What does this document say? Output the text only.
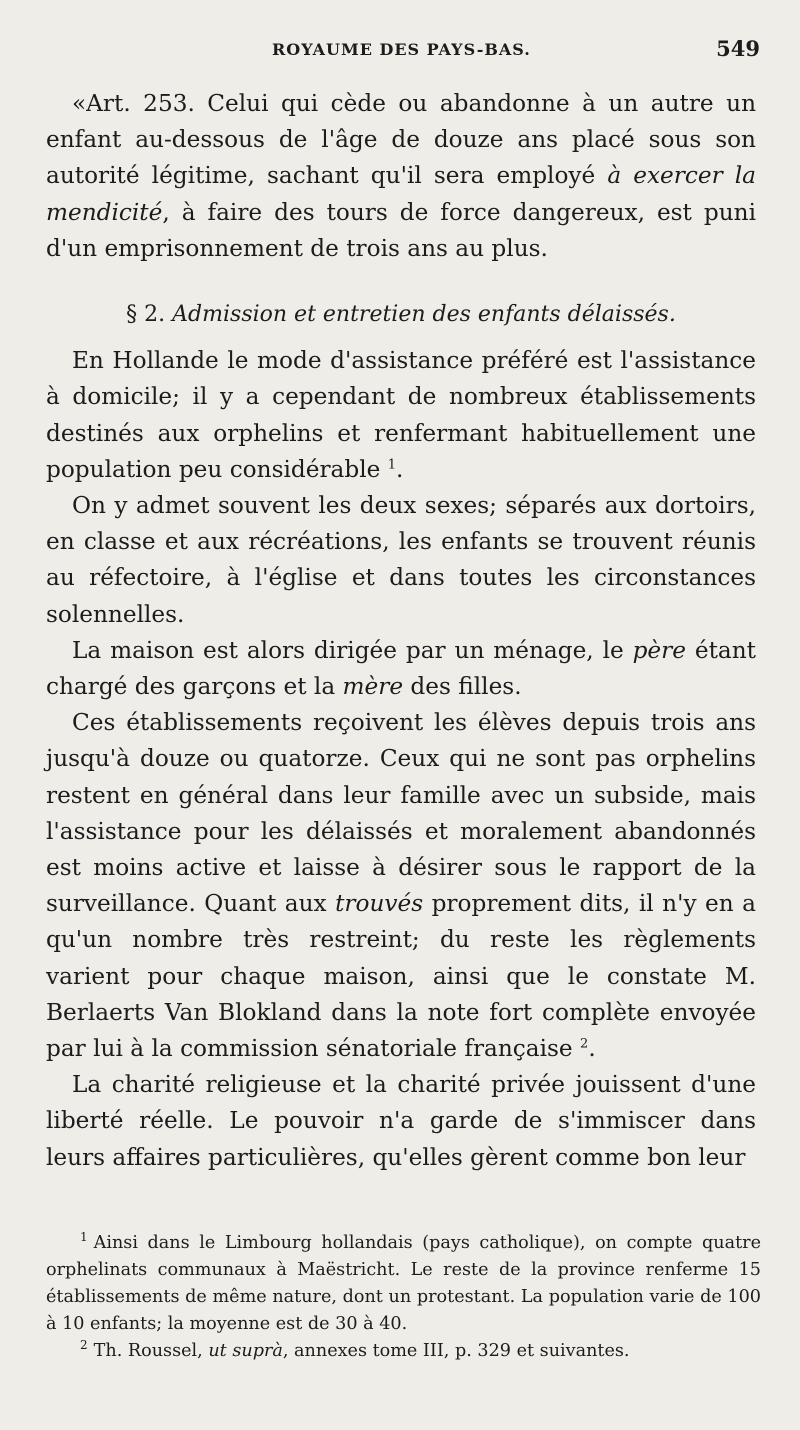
ROYAUME DES PAYS-BAS.	549

«Art. 253. Celui qui cède ou abandonne à un autre un enfant au-dessous de l'âge de douze ans placé sous son autorité légitime, sachant qu'il sera employé à exercer la mendicité, à faire des tours de force dangereux, est puni d'un emprisonnement de trois ans au plus.

§ 2. Admission et entretien des enfants délaissés.

En Hollande le mode d'assistance préféré est l'assistance à domicile; il y a cependant de nombreux établissements destinés aux orphelins et renfermant habituellement une population peu considérable $^1$.

On y admet souvent les deux sexes; séparés aux dortoirs, en classe et aux récréations, les enfants se trouvent réunis au réfectoire, à l'église et dans toutes les circonstances solennelles.

La maison est alors dirigée par un ménage, le père étant chargé des garçons et la mère des filles.

Ces établissements reçoivent les élèves depuis trois ans jusqu'à douze ou quatorze. Ceux qui ne sont pas orphelins restent en général dans leur famille avec un subside, mais l'assistance pour les délaissés et moralement abandonnés est moins active et laisse à désirer sous le rapport de la surveillance. Quant aux trouvés proprement dits, il n'y en a qu'un nombre très restreint; du reste les règlements varient pour chaque maison, ainsi que le constate M. Berlaerts Van Blokland dans la note fort complète envoyée par lui à la commission sénatoriale française $^2$.

La charité religieuse et la charité privée jouissent d'une liberté réelle. Le pouvoir n'a garde de s'immiscer dans leurs affaires particulières, qu'elles gèrent comme bon leur

$^1$ Ainsi dans le Limbourg hollandais (pays catholique), on compte quatre orphelinats communaux à Maëstricht. Le reste de la province renferme 15 établissements de même nature, dont un protestant. La population varie de 100 à 10 enfants; la moyenne est de 30 à 40.

$^2$ Th. Roussel, ut suprà, annexes tome III, p. 329 et suivantes.
